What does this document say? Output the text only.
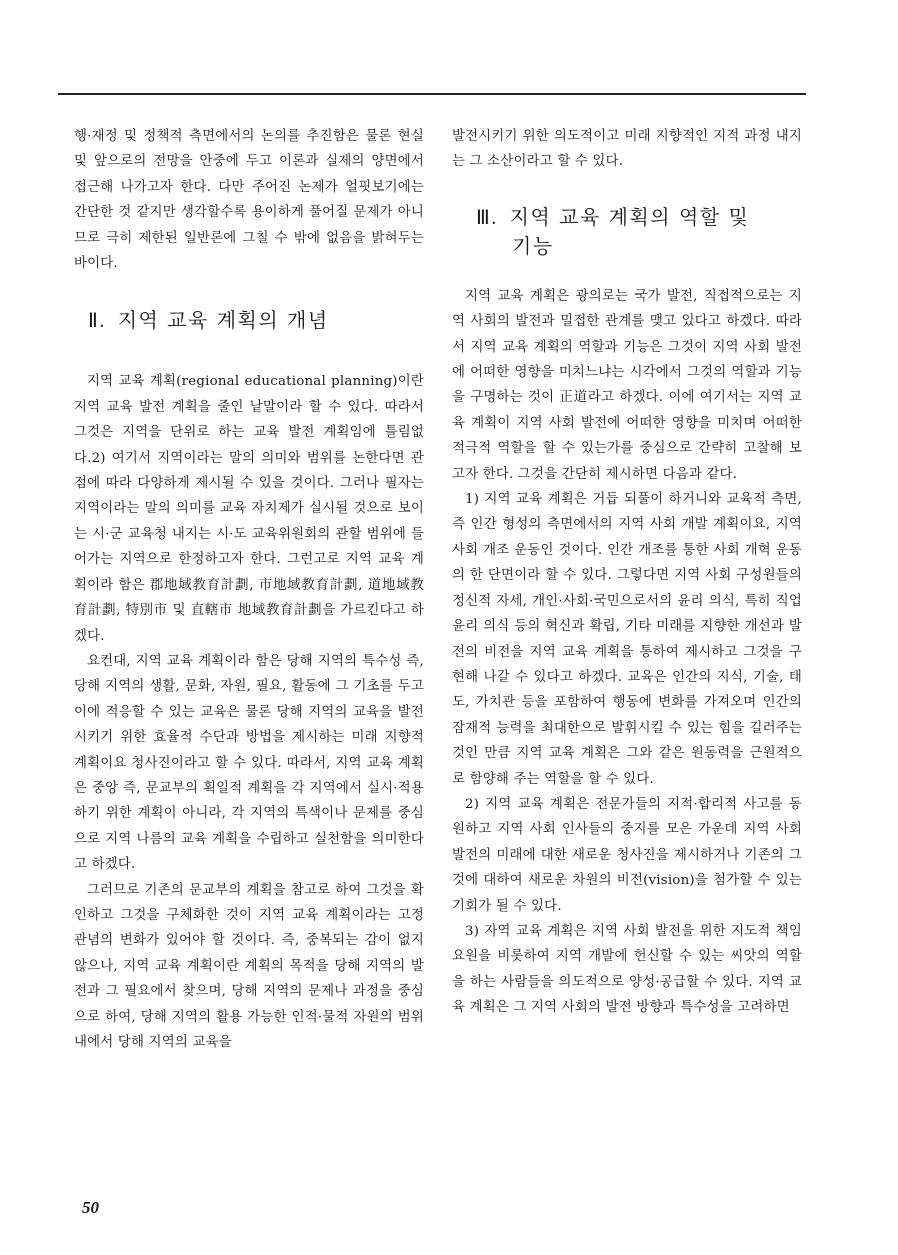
행·재정 및 정책적 측면에서의 논의를 추진함은 물론 현실 및 앞으로의 전망을 안중에 두고 이론과 실제의 양면에서 접근해 나가고자 한다. 다만 주어진 논제가 얼핏보기에는 간단한 것 같지만 생각할수록 용이하게 풀어질 문제가 아니므로 극히 제한된 일반론에 그칠 수 밖에 없음을 밝혀두는 바이다.

Ⅱ. 지역 교육 계획의 개념

지역 교육 계획(regional educational planning)이란 지역 교육 발전 계획을 줄인 낱말이라 할 수 있다. 따라서 그것은 지역을 단위로 하는 교육 발전 계획임에 틀림없다.2) 여기서 지역이라는 말의 의미와 범위를 논한다면 관점에 따라 다양하게 제시될 수 있을 것이다. 그러나 필자는 지역이라는 말의 의미를 교육 자치제가 실시될 것으로 보이는 시·군 교육청 내지는 시·도 교육위원회의 관할 범위에 들어가는 지역으로 한정하고자 한다. 그런고로 지역 교육 계획이라 함은 郡地域教育計劃, 市地域教育計劃, 道地域教育計劃, 特別市 및 直轄市 地域教育計劃을 가르킨다고 하겠다.

요컨대, 지역 교육 계획이라 함은 당해 지역의 특수성 즉, 당해 지역의 생활, 문화, 자원, 필요, 활동에 그 기초를 두고 이에 적응할 수 있는 교육은 물론 당해 지역의 교육을 발전시키기 위한 효율적 수단과 방법을 제시하는 미래 지향적 계획이요 청사진이라고 할 수 있다. 따라서, 지역 교육 계획은 중앙 즉, 문교부의 획일적 계획을 각 지역에서 실시·적용하기 위한 계획이 아니라, 각 지역의 특색이나 문제를 중심으로 지역 나름의 교육 계획을 수립하고 실천함을 의미한다고 하겠다.

그러므로 기존의 문교부의 계획을 참고로 하여 그것을 확인하고 그것을 구체화한 것이 지역 교육 계획이라는 고정 관념의 변화가 있어야 할 것이다. 즉, 중복되는 감이 없지 않으나, 지역 교육 계획이란 계획의 목적을 당해 지역의 발전과 그 필요에서 찾으며, 당해 지역의 문제나 과정을 중심으로 하여, 당해 지역의 활용 가능한 인적·물적 자원의 범위 내에서 당해 지역의 교육을

발전시키기 위한 의도적이고 미래 지향적인 지적 과정 내지는 그 소산이라고 할 수 있다.

Ⅲ. 지역 교육 계획의 역할 및
기능

지역 교육 계획은 광의로는 국가 발전, 직접적으로는 지역 사회의 발전과 밀접한 관계를 맺고 있다고 하겠다. 따라서 지역 교육 계획의 역할과 기능은 그것이 지역 사회 발전에 어떠한 영향을 미치느냐는 시각에서 그것의 역할과 기능을 구명하는 것이 正道라고 하겠다. 이에 여기서는 지역 교육 계획이 지역 사회 발전에 어떠한 영향을 미치며 어떠한 적극적 역할을 할 수 있는가를 중심으로 간략히 고찰해 보고자 한다. 그것을 간단히 제시하면 다음과 같다.

1) 지역 교육 계획은 거듭 되풀이 하거니와 교육적 측면, 즉 인간 형성의 측면에서의 지역 사회 개발 계획이요, 지역 사회 개조 운동인 것이다. 인간 개조를 통한 사회 개혁 운동의 한 단면이라 할 수 있다. 그렇다면 지역 사회 구성원들의 정신적 자세, 개인·사회·국민으로서의 윤리 의식, 특히 직업 윤리 의식 등의 혁신과 확립, 기타 미래를 지향한 개선과 발전의 비전을 지역 교육 계획을 통하여 제시하고 그것을 구현해 나갈 수 있다고 하겠다. 교육은 인간의 지식, 기술, 태도, 가치관 등을 포함하여 행동에 변화를 가져오며 인간의 잠재적 능력을 최대한으로 발휘시킬 수 있는 힘을 길러주는 것인 만큼 지역 교육 계획은 그와 같은 원동력을 근원적으로 함양해 주는 역할을 할 수 있다.

2) 지역 교육 계획은 전문가들의 지적·합리적 사고를 동원하고 지역 사회 인사들의 중지를 모은 가운데 지역 사회 발전의 미래에 대한 새로운 청사진을 제시하거나 기존의 그것에 대하여 새로운 차원의 비전(vision)을 첨가할 수 있는 기회가 될 수 있다.

3) 자역 교육 계획은 지역 사회 발전을 위한 지도적 책임 요원을 비롯하여 지역 개발에 헌신할 수 있는 씨앗의 역할을 하는 사람들을 의도적으로 양성·공급할 수 있다. 지역 교육 계획은 그 지역 사회의 발전 방향과 특수성을 고려하면

50
